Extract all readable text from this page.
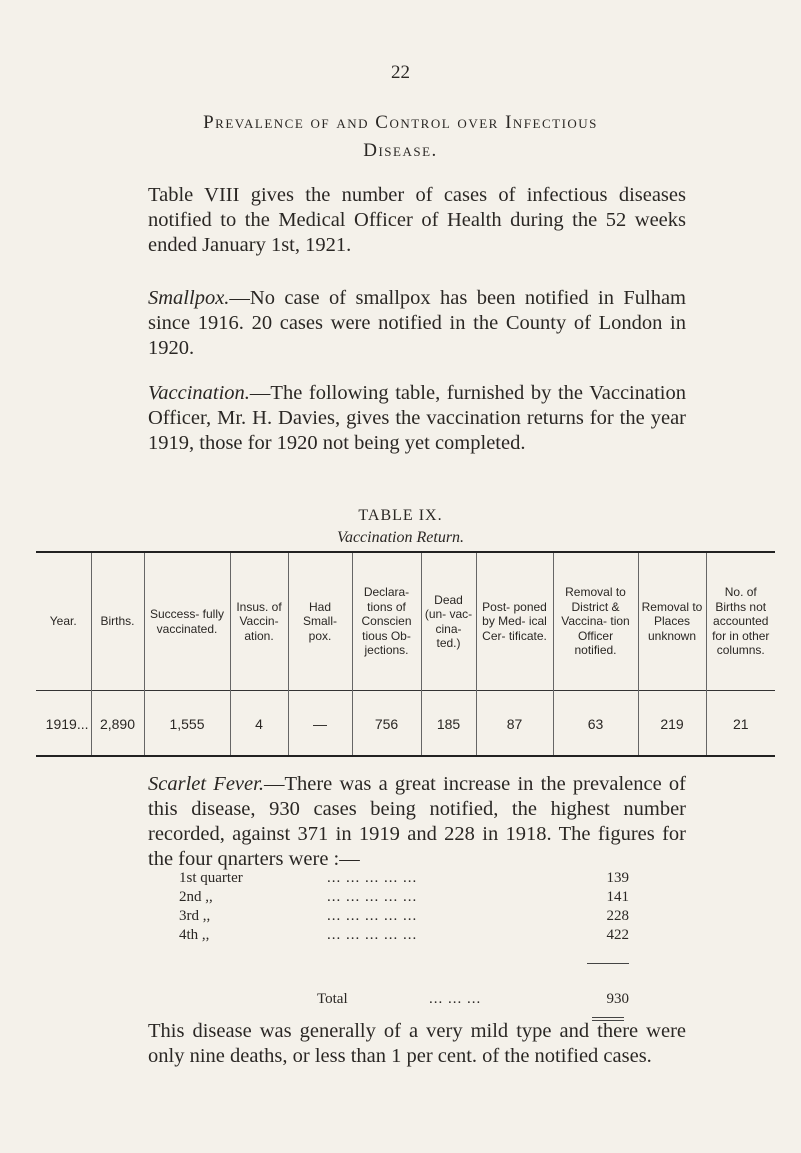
22
Prevalence of and Control over Infectious
Disease.
Table VIII gives the number of cases of infectious diseases notified to the Medical Officer of Health during the 52 weeks ended January 1st, 1921.
Smallpox.—No case of smallpox has been notified in Fulham since 1916. 20 cases were notified in the County of London in 1920.
Vaccination.—The following table, furnished by the Vaccination Officer, Mr. H. Davies, gives the vaccination returns for the year 1919, those for 1920 not being yet completed.
TABLE IX.
Vaccination Return.
Year.	Births.	Success- fully vaccinated.	Insus. of Vaccin- ation.	Had Small- pox.	Declara- tions of Conscien tious Ob- jections.	Dead (un- vac- cina- ted.)	Post- poned by Med- ical Cer- tificate.	Removal to District & Vaccina- tion Officer notified.	Removal to Places unknown	No. of Births not accounted for in other columns.
1919...	2,890	1,555	4	—	756	185	87	63	219	21
Scarlet Fever.—There was a great increase in the prevalence of this disease, 930 cases being notified, the highest number recorded, against 371 in 1919 and 228 in 1918. The figures for the four qnarters were :—
1st quarter	... ... ... ... ...	139
2nd ,,	... ... ... ... ...	141
3rd ,,	... ... ... ... ...	228
4th ,,	... ... ... ... ...	422
Total	... ... ...	930
This disease was generally of a very mild type and there were only nine deaths, or less than 1 per cent. of the notified cases.
